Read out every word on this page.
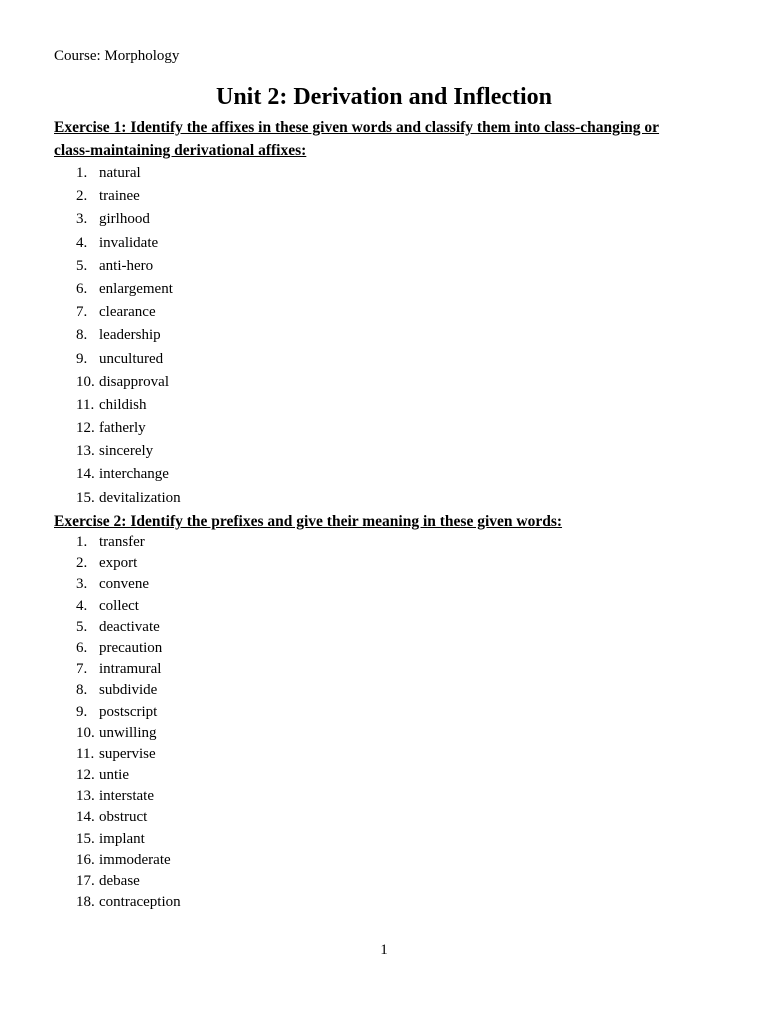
Course: Morphology
Unit 2: Derivation and Inflection
Exercise 1: Identify the affixes in these given words and classify them into class-changing or
class-maintaining derivational affixes:
1. natural
2. trainee
3. girlhood
4. invalidate
5. anti-hero
6. enlargement
7. clearance
8. leadership
9. uncultured
10. disapproval
11. childish
12. fatherly
13. sincerely
14. interchange
15. devitalization
Exercise 2: Identify the prefixes and give their meaning in these given words:
1. transfer
2. export
3. convene
4. collect
5. deactivate
6. precaution
7. intramural
8. subdivide
9. postscript
10. unwilling
11. supervise
12. untie
13. interstate
14. obstruct
15. implant
16. immoderate
17. debase
18. contraception
1
